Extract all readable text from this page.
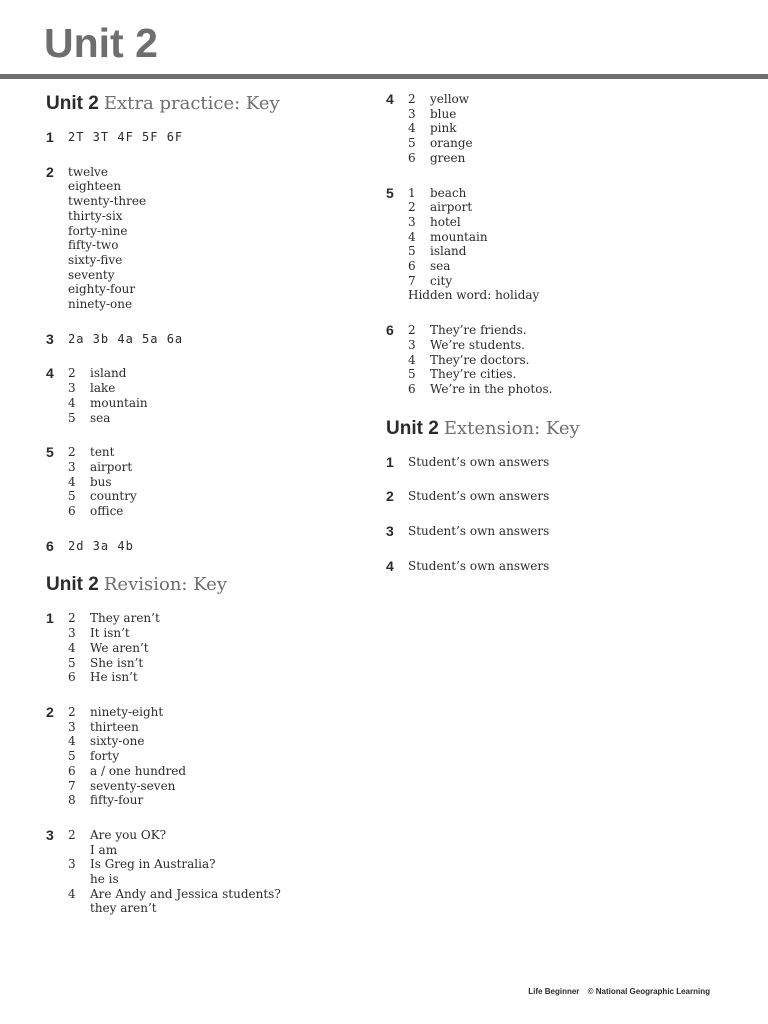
Unit 2
Unit 2 Extra practice: Key
1 2T 3T 4F 5F 6F
2 twelve
eighteen
twenty-three
thirty-six
forty-nine
fifty-two
sixty-five
seventy
eighty-four
ninety-one
3 2a 3b 4a 5a 6a
4 2	island
3	lake
4	mountain
5	sea
5 2	tent
3	airport
4	bus
5	country
6	office
6 2d 3a 4b
Unit 2 Revision: Key
1 2	They aren’t
3	It isn’t
4	We aren’t
5	She isn’t
6	He isn’t
2 2	ninety-eight
3	thirteen
4	sixty-one
5	forty
6	a / one hundred
7	seventy-seven
8	fifty-four
3 2	Are you OK?
I am
3	Is Greg in Australia?
he is
4	Are Andy and Jessica students?
they aren’t
4 2	yellow
3	blue
4	pink
5	orange
6	green
5 1	beach
2	airport
3	hotel
4	mountain
5	island
6	sea
7	city
Hidden word: holiday
6 2	They’re friends.
3	We’re students.
4	They’re doctors.
5	They’re cities.
6	We’re in the photos.
Unit 2 Extension: Key
1 Student’s own answers
2 Student’s own answers
3 Student’s own answers
4 Student’s own answers
Life Beginner © National Geographic Learning
